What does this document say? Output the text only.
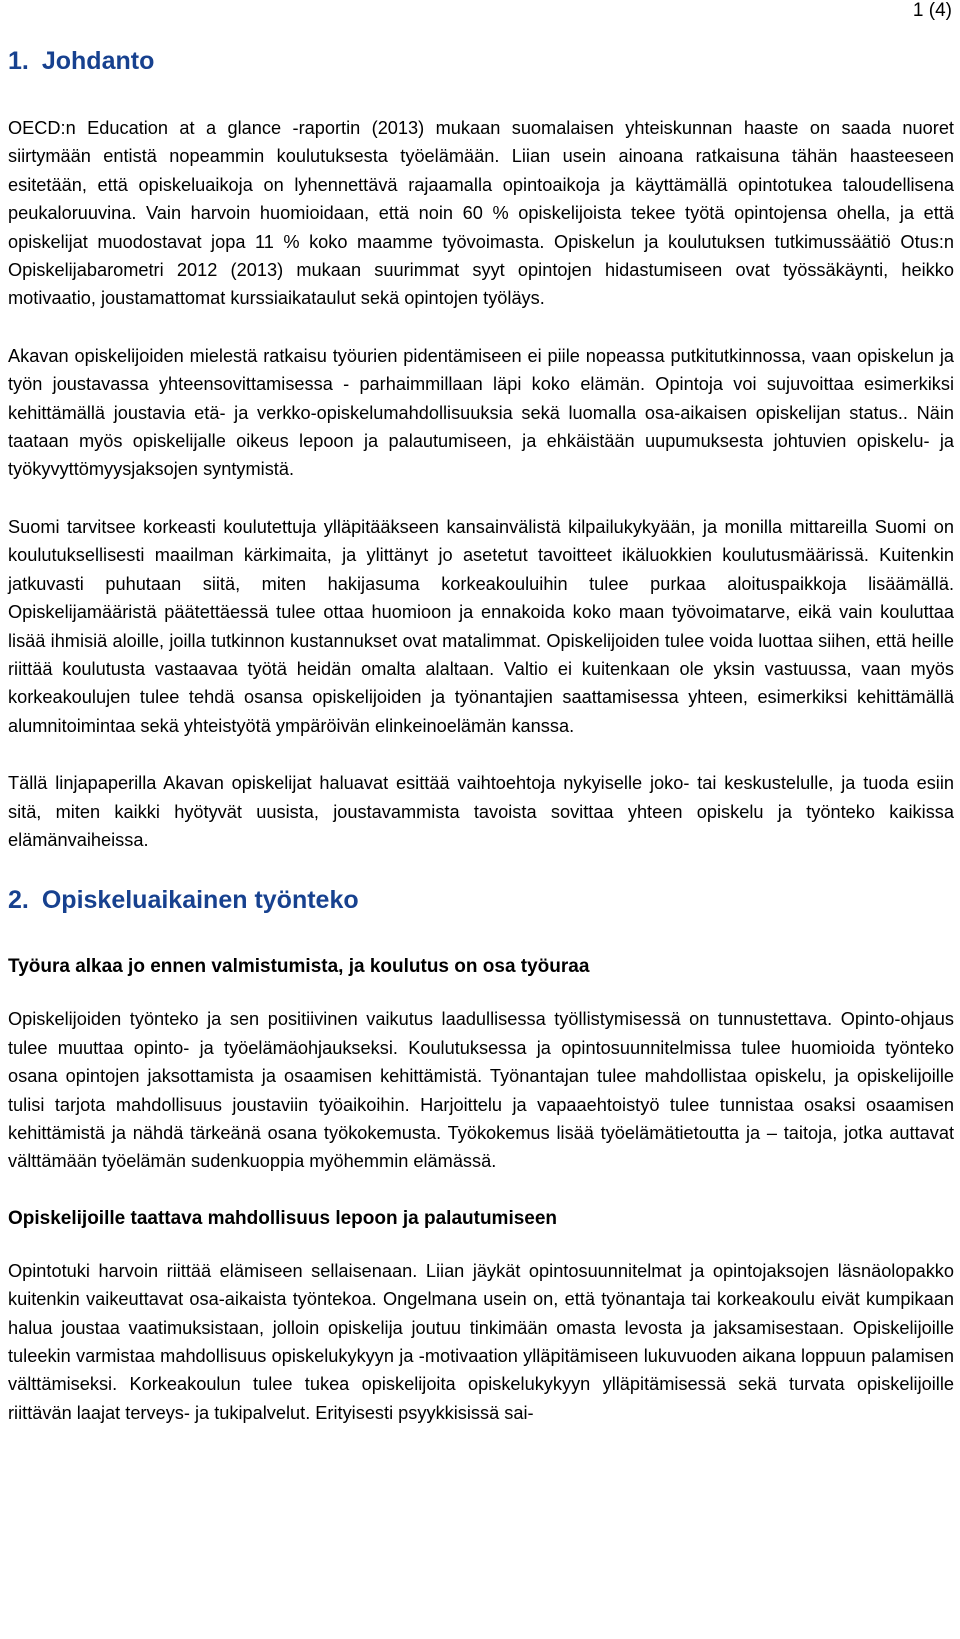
1 (4)
1. Johdanto

OECD:n Education at a glance -raportin (2013) mukaan suomalaisen yhteiskunnan haaste on saada nuoret siirtymään entistä nopeammin koulutuksesta työelämään. Liian usein ainoana ratkaisuna tähän haasteeseen esitetään, että opiskeluaikoja on lyhennettävä rajaamalla opintoaikoja ja käyttämällä opintotukea taloudellisena peukaloruuvina. Vain harvoin huomioidaan, että noin 60 % opiskelijoista tekee työtä opintojensa ohella, ja että opiskelijat muodostavat jopa 11 % koko maamme työvoimasta. Opiskelun ja koulutuksen tutkimussäätiö Otus:n Opiskelijabarometri 2012 (2013) mukaan suurimmat syyt opintojen hidastumiseen ovat työssäkäynti, heikko motivaatio, joustamattomat kurssiaikataulut sekä opintojen työläys.

Akavan opiskelijoiden mielestä ratkaisu työurien pidentämiseen ei piile nopeassa putkitutkinnossa, vaan opiskelun ja työn joustavassa yhteensovittamisessa - parhaimmillaan läpi koko elämän. Opintoja voi sujuvoittaa esimerkiksi kehittämällä joustavia etä- ja verkko-opiskelumahdollisuuksia sekä luomalla osa-aikaisen opiskelijan status.. Näin taataan myös opiskelijalle oikeus lepoon ja palautumiseen, ja ehkäistään uupumuksesta johtuvien opiskelu- ja työkyvyttömyysjaksojen syntymistä.

Suomi tarvitsee korkeasti koulutettuja ylläpitääkseen kansainvälistä kilpailukykyään, ja monilla mittareilla Suomi on koulutuksellisesti maailman kärkimaita, ja ylittänyt jo asetetut tavoitteet ikäluokkien koulutusmäärissä. Kuitenkin jatkuvasti puhutaan siitä, miten hakijasuma korkeakouluihin tulee purkaa aloituspaikkoja lisäämällä. Opiskelijamääristä päätettäessä tulee ottaa huomioon ja ennakoida koko maan työvoimatarve, eikä vain kouluttaa lisää ihmisiä aloille, joilla tutkinnon kustannukset ovat matalimmat. Opiskelijoiden tulee voida luottaa siihen, että heille riittää koulutusta vastaavaa työtä heidän omalta alaltaan. Valtio ei kuitenkaan ole yksin vastuussa, vaan myös korkeakoulujen tulee tehdä osansa opiskelijoiden ja työnantajien saattamisessa yhteen, esimerkiksi kehittämällä alumnitoimintaa sekä yhteistyötä ympäröivän elinkeinoelämän kanssa.

Tällä linjapaperilla Akavan opiskelijat haluavat esittää vaihtoehtoja nykyiselle joko- tai keskustelulle, ja tuoda esiin sitä, miten kaikki hyötyvät uusista, joustavammista tavoista sovittaa yhteen opiskelu ja työnteko kaikissa elämänvaiheissa.

2. Opiskeluaikainen työnteko
Työura alkaa jo ennen valmistumista, ja koulutus on osa työuraa

Opiskelijoiden työnteko ja sen positiivinen vaikutus laadullisessa työllistymisessä on tunnustettava. Opinto-ohjaus tulee muuttaa opinto- ja työelämäohjaukseksi. Koulutuksessa ja opintosuunnitelmissa tulee huomioida työnteko osana opintojen jaksottamista ja osaamisen kehittämistä. Työnantajan tulee mahdollistaa opiskelu, ja opiskelijoille tulisi tarjota mahdollisuus joustaviin työaikoihin. Harjoittelu ja vapaaehtoistyö tulee tunnistaa osaksi osaamisen kehittämistä ja nähdä tärkeänä osana työkokemusta. Työkokemus lisää työelämätietoutta ja – taitoja, jotka auttavat välttämään työelämän sudenkuoppia myöhemmin elämässä.

Opiskelijoille taattava mahdollisuus lepoon ja palautumiseen

Opintotuki harvoin riittää elämiseen sellaisenaan. Liian jäykät opintosuunnitelmat ja opintojaksojen läsnäolopakko kuitenkin vaikeuttavat osa-aikaista työntekoa. Ongelmana usein on, että työnantaja tai korkeakoulu eivät kumpikaan halua joustaa vaatimuksistaan, jolloin opiskelija joutuu tinkimään omasta levosta ja jaksamisestaan. Opiskelijoille tuleekin varmistaa mahdollisuus opiskelukykyyn ja -motivaation ylläpitämiseen lukuvuoden aikana loppuun palamisen välttämiseksi. Korkeakoulun tulee tukea opiskelijoita opiskelukykyyn ylläpitämisessä sekä turvata opiskelijoille riittävän laajat terveys- ja tukipalvelut. Erityisesti psyykkisissä sai-
